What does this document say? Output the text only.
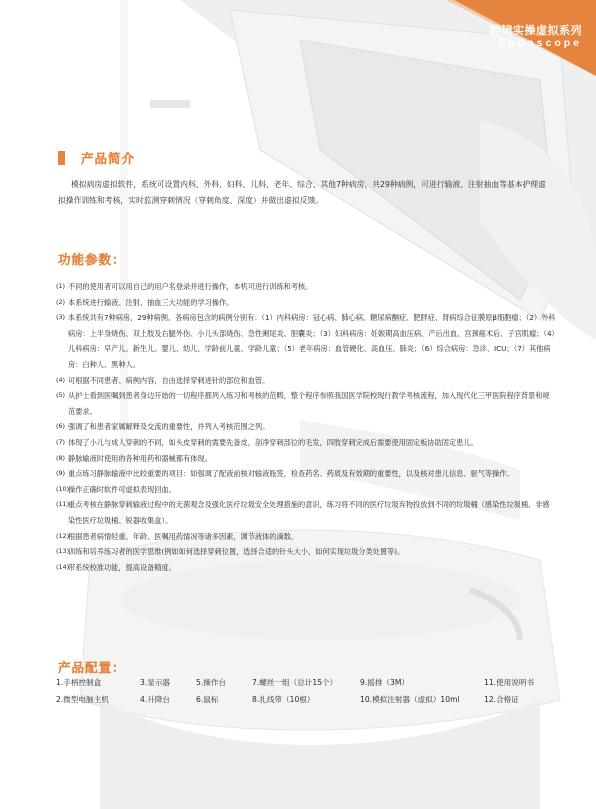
腔镜实操虚拟系列
Endoscope
产品简介
模拟病房虚拟软件，系统可设置内科、外科、妇科、儿科、老年、综合、其他7种病房，共29种病例，可进行输液、注射抽血等基本护理虚拟操作训练和考核，实时监测穿刺情况（穿刺角度、深度）并做出虚拟反馈。
功能参数：
(1) 不同的使用者可以用自己的用户名登录并进行操作，本机可进行训练和考核。
(2) 本系统进行输液、注射、抽血三大功能的学习操作。
(3) 本系统共有7种病房，29种病例。各病房包含的病例分别有：（1）内科病房：冠心病、肺心病、糖尿病酮症、肥胖症、肾病综合征膜原β细胞瘤；（2）外科病房：上半身烧伤、双上肢及右腿外伤、小儿头部烧伤、急性阑尾炎、胆囊炎；（3）妇科病房：妊娠期高血压病、产后出血、宫颈癌术后、子宫肌瘤；（4）儿科病房：早产儿、新生儿、婴儿、幼儿、学龄前儿童、学龄儿童；（5）老年病房：血管硬化、高血压、肺炎；（6）综合病房：急诊、ICU；（7）其他病房：白种人、黑种人。
(4) 可根据不同患者、病例内容，自由选择穿刺进针的部位和血管。
(5) 从护士看到医嘱到患者身边开始的一切程序都列入练习和考核的范畴，整个程序参照我国医学院校现行教学考核流程，加入现代化三甲医院程序背景和规范要求。
(6) 强调了和患者家属解释及交流的重要性，并列入考核范围之列。
(7) 体现了小儿与成人穿刺的不同，如头皮穿刺的需要先备皮，剖净穿刺部位的毛发，四肢穿刺完成后需要使用固定板协助固定患儿。
(8) 静脉输液时使用的各种用药和器械都有体现。
(9) 重点练习静脉输液中比较重要的项目：如强调了配液前核对输液瓶签，检查药名、药质及有效期的重要性，以及核对患儿信息、驱气等操作。
(10)
操作正确时软件可虚拟表现回血。
(11)
重点考核在静脉穿刺输液过程中的无菌观念及强化医疗垃圾安全处理措施的意识，练习将不同的医疗垃圾弃物投放到不同的垃圾桶（感染性垃圾桶、非感染性医疗垃圾桶、锐器收集盒）。
(12)
根据患者病情轻重、年龄、医嘱用药情况等诸多因素，调节液体的滴数。
(13)
训练和培养练习者的医学思维(例如如何选择穿刺位置，选择合适的针头大小，如何实现垃圾分类处置等)。
(14)
带系统校准功能，提高设备精度。
产品配置：
1.手柄控制盒	3.显示器	5.操作台	7.螺丝一组（总计15个）	9.摇排（3M）	11.使用说明书
2.微型电脑主机	4.升降台	6.鼠标	8.扎线带（10根）	10.模拟注射器（虚拟）10ml	12.合格证
